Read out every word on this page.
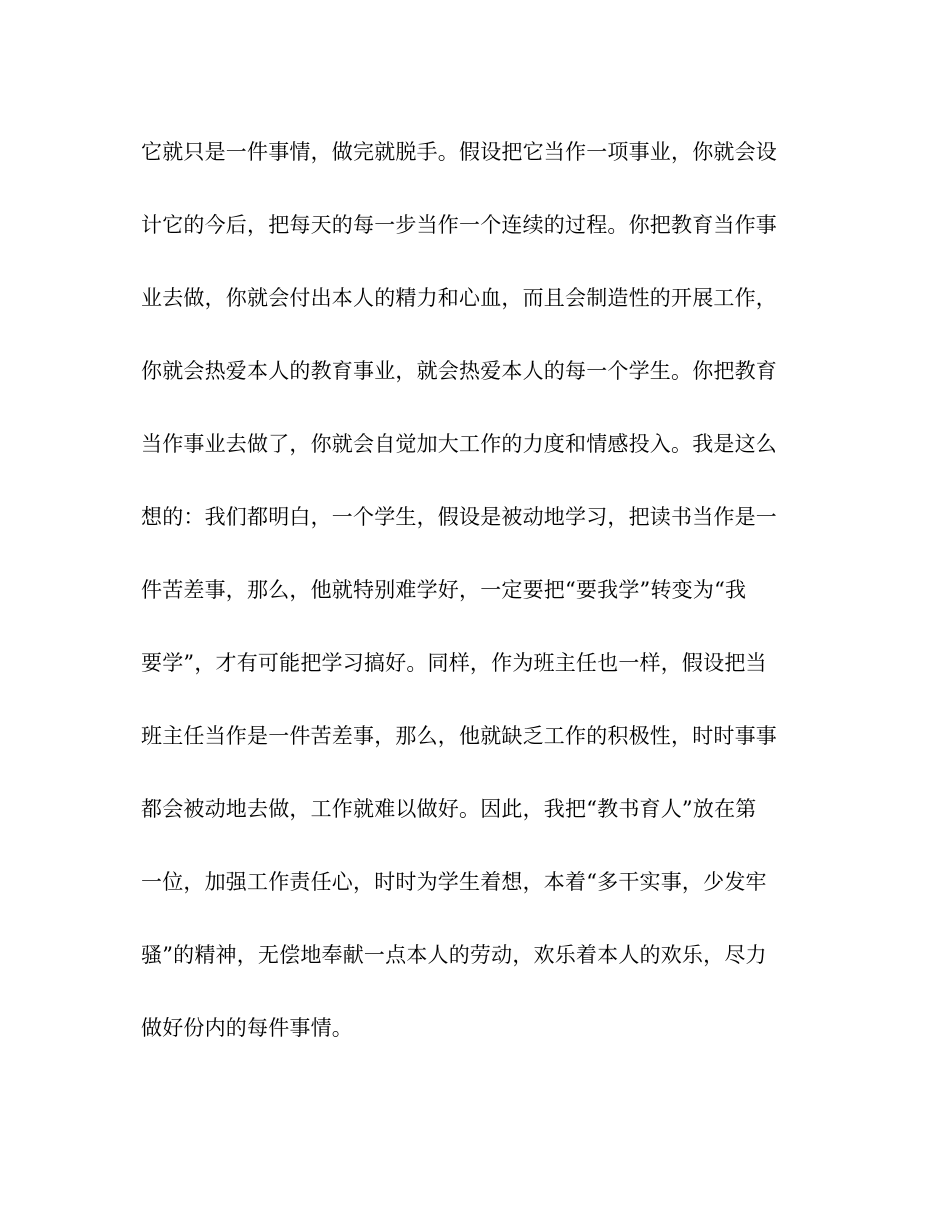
它就只是一件事情，做完就脱手。假设把它当作一项事业，你就会设
计它的今后，把每天的每一步当作一个连续的过程。你把教育当作事
业去做，你就会付出本人的精力和心血，而且会制造性的开展工作，
你就会热爱本人的教育事业，就会热爱本人的每一个学生。你把教育
当作事业去做了，你就会自觉加大工作的力度和情感投入。我是这么
想的：我们都明白，一个学生，假设是被动地学习，把读书当作是一
件苦差事，那么，他就特别难学好，一定要把“要我学”转变为“我
要学”，才有可能把学习搞好。同样，作为班主任也一样，假设把当
班主任当作是一件苦差事，那么，他就缺乏工作的积极性，时时事事
都会被动地去做，工作就难以做好。因此，我把“教书育人”放在第
一位，加强工作责任心，时时为学生着想，本着“多干实事，少发牢
骚”的精神，无偿地奉献一点本人的劳动，欢乐着本人的欢乐，尽力
做好份内的每件事情。
